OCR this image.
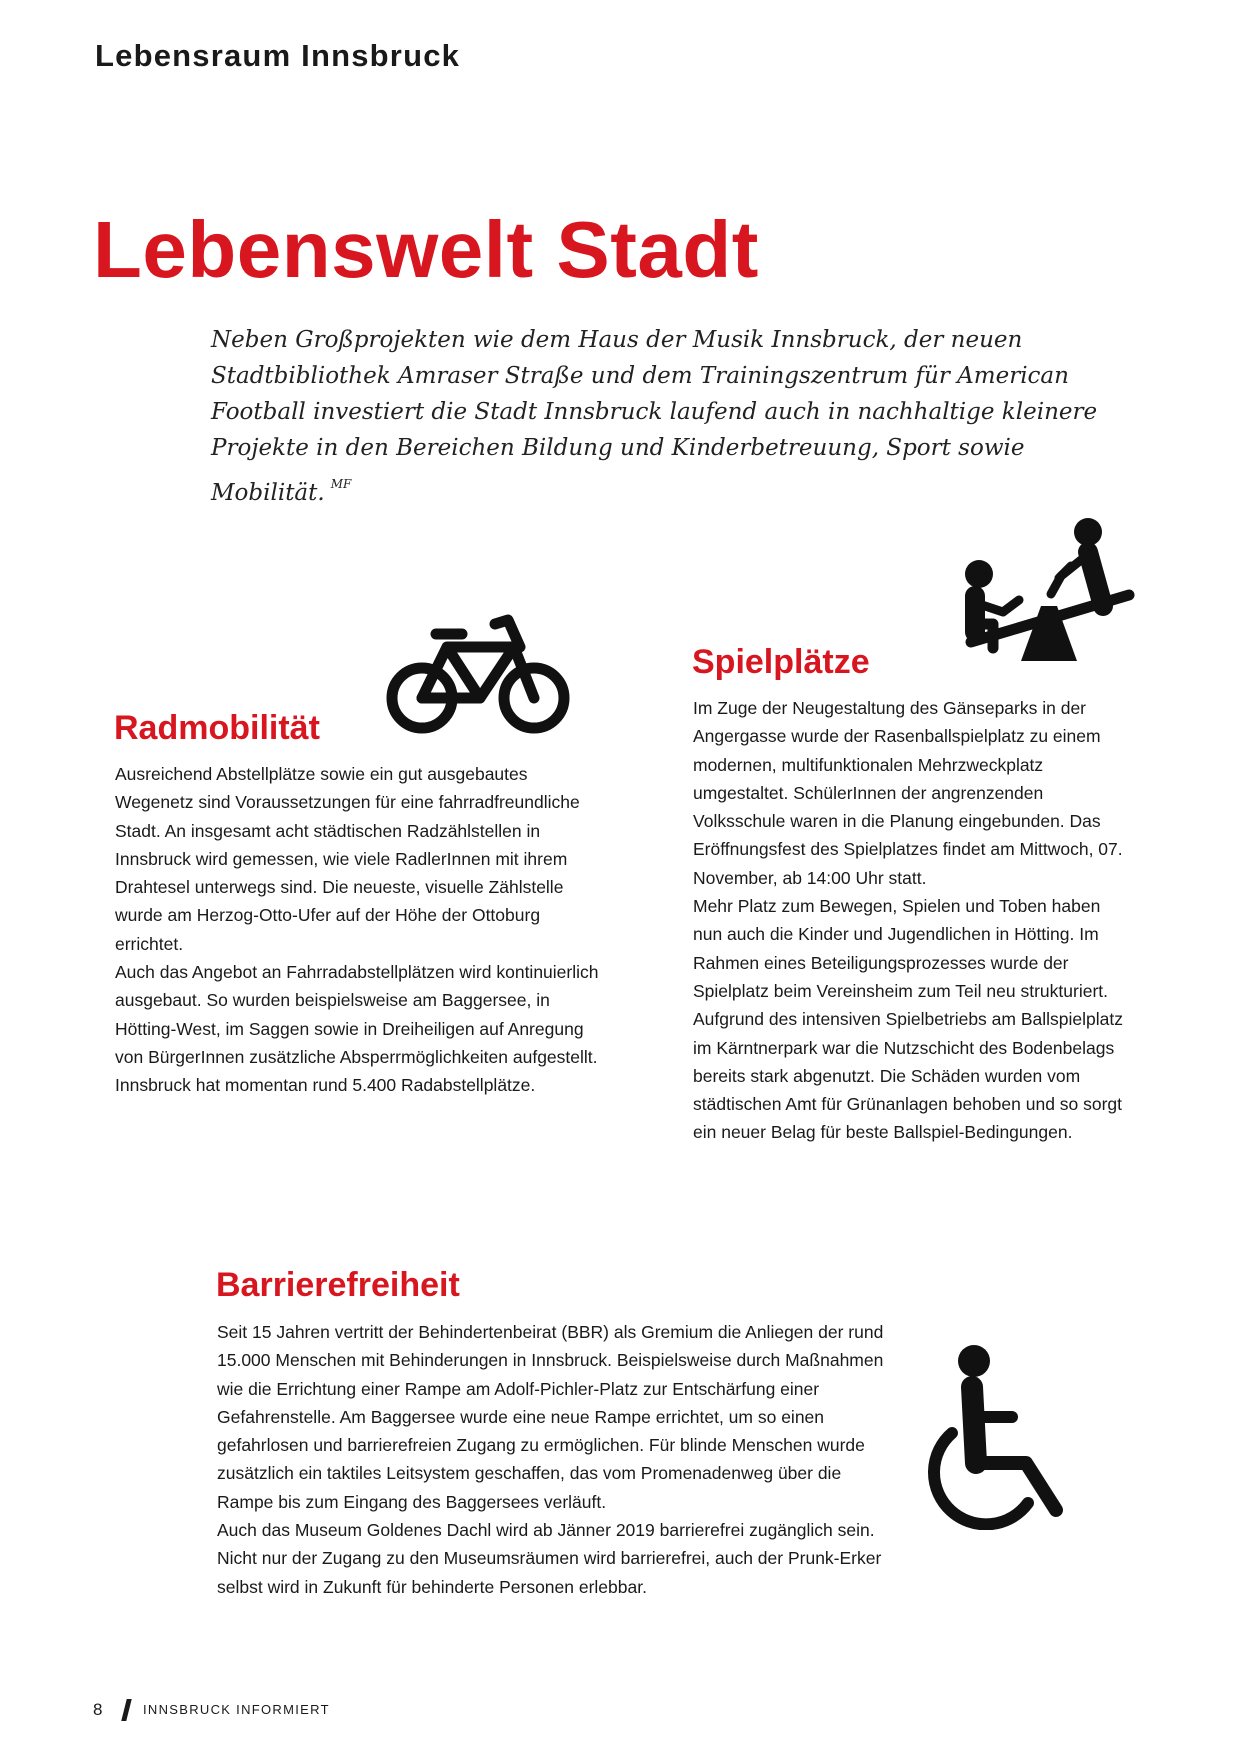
Lebensraum Innsbruck
Lebenswelt Stadt

Neben Großprojekten wie dem Haus der Musik Innsbruck, der neuen Stadtbibliothek Amraser Straße und dem Trainingszentrum für American Football investiert die Stadt Innsbruck laufend auch in nachhaltige kleinere Projekte in den Bereichen Bildung und Kinderbetreuung, Sport sowie Mobilität. $^{MF}$

Radmobilität
Ausreichend Abstellplätze sowie ein gut ausgebautes Wegenetz sind Voraussetzungen für eine fahrradfreundliche Stadt. An insgesamt acht städtischen Radzählstellen in Innsbruck wird gemessen, wie viele RadlerInnen mit ihrem Drahtesel unterwegs sind. Die neueste, visuelle Zählstelle wurde am Herzog-Otto-Ufer auf der Höhe der Ottoburg errichtet.
Auch das Angebot an Fahrradabstellplätzen wird kontinuierlich ausgebaut. So wurden beispielsweise am Baggersee, in Hötting-West, im Saggen sowie in Dreiheiligen auf Anregung von BürgerInnen zusätzliche Absperrmöglichkeiten aufgestellt. Innsbruck hat momentan rund 5.400 Radabstellplätze.
Spielplätze
Im Zuge der Neugestaltung des Gänseparks in der Angergasse wurde der Rasenballspielplatz zu einem modernen, multifunktionalen Mehrzweckplatz umgestaltet. SchülerInnen der angrenzenden Volksschule waren in die Planung eingebunden. Das Eröffnungsfest des Spielplatzes findet am Mittwoch, 07. November, ab 14:00 Uhr statt.
Mehr Platz zum Bewegen, Spielen und Toben haben nun auch die Kinder und Jugendlichen in Hötting. Im Rahmen eines Beteiligungsprozesses wurde der Spielplatz beim Vereinsheim zum Teil neu strukturiert.
Aufgrund des intensiven Spielbetriebs am Ballspielplatz im Kärntnerpark war die Nutzschicht des Bodenbelags bereits stark abgenutzt. Die Schäden wurden vom städtischen Amt für Grünanlagen behoben und so sorgt ein neuer Belag für beste Ballspiel-Bedingungen.
Barrierefreiheit
Seit 15 Jahren vertritt der Behindertenbeirat (BBR) als Gremium die Anliegen der rund 15.000 Menschen mit Behinderungen in Innsbruck. Beispielsweise durch Maßnahmen wie die Errichtung einer Rampe am Adolf-Pichler-Platz zur Entschärfung einer Gefahrenstelle. Am Baggersee wurde eine neue Rampe errichtet, um so einen gefahrlosen und barrierefreien Zugang zu ermöglichen. Für blinde Menschen wurde zusätzlich ein taktiles Leitsystem geschaffen, das vom Promenadenweg über die Rampe bis zum Eingang des Baggersees verläuft.
Auch das Museum Goldenes Dachl wird ab Jänner 2019 barrierefrei zugänglich sein. Nicht nur der Zugang zu den Museumsräumen wird barrierefrei, auch der Prunk-Erker selbst wird in Zukunft für behinderte Personen erlebbar.
8	INNSBRUCK INFORMIERT
